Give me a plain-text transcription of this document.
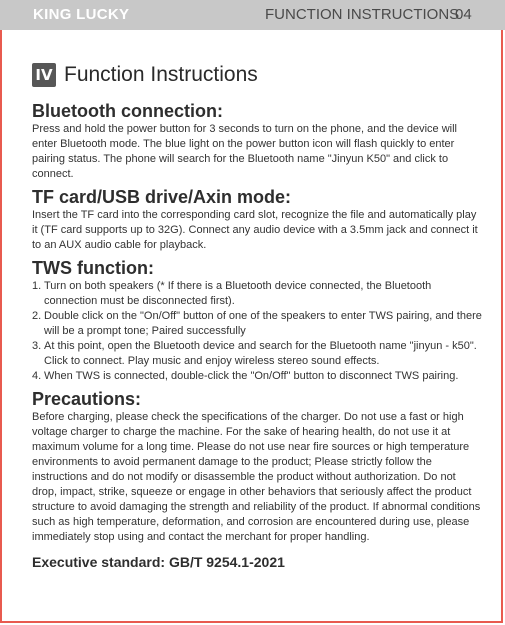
KING LUCKY	FUNCTION INSTRUCTIONS
04
IV Function Instructions
Bluetooth connection:

Press and hold the power button for 3 seconds to turn on the phone, and the device will enter Bluetooth mode. The blue light on the power button icon will flash quickly to enter pairing status. The phone will search for the Bluetooth name "Jinyun K50" and click to connect.

TF card/USB drive/Axin mode:

Insert the TF card into the corresponding card slot, recognize the file and automatically play it (TF card supports up to 32G). Connect any audio device with a 3.5mm jack and connect it to an AUX audio cable for playback.

TWS function:
1. Turn on both speakers (* If there is a Bluetooth device connected, the Bluetooth connection must be disconnected first).
2. Double click on the "On/Off" button of one of the speakers to enter TWS pairing, and there will be a prompt tone; Paired successfully
3. At this point, open the Bluetooth device and search for the Bluetooth name "jinyun - k50". Click to connect. Play music and enjoy wireless stereo sound effects.
4. When TWS is connected, double-click the "On/Off" button to disconnect TWS pairing.
Precautions:

Before charging, please check the specifications of the charger. Do not use a fast or high voltage charger to charge the machine. For the sake of hearing health, do not use it at maximum volume for a long time. Please do not use near fire sources or high temperature environments to avoid permanent damage to the product; Please strictly follow the instructions and do not modify or disassemble the product without authorization. Do not drop, impact, strike, squeeze or engage in other behaviors that seriously affect the product structure to avoid damaging the strength and reliability of the product. If abnormal conditions such as high temperature, deformation, and corrosion are encountered during use, please immediately stop using and contact the merchant for proper handling.

Executive standard: GB/T 9254.1-2021
